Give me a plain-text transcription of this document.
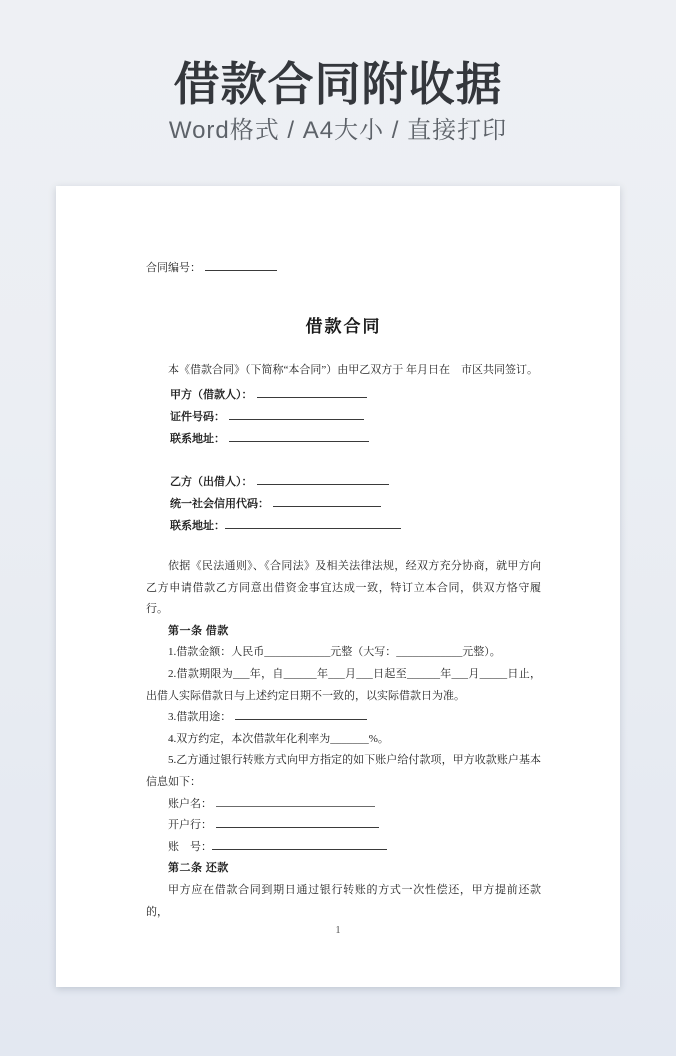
借款合同附收据

Word格式 / A4大小 / 直接打印

合同编号：
借款合同

本《借款合同》（下简称“本合同”）由甲乙双方于 年月日在　市区共同签订。

甲方（借款人）：
证件号码：
联系地址：
乙方（出借人）：
统一社会信用代码：
联系地址：

依据《民法通则》、《合同法》及相关法律法规，经双方充分协商，就甲方向乙方申请借款乙方同意出借资金事宜达成一致，特订立本合同，供双方恪守履行。

第一条 借款

1.借款金额：人民币____________元整（大写：____________元整）。

2.借款期限为___年，自______年___月___日起至______年___月_____日止，出借人实际借款日与上述约定日期不一致的，以实际借款日为准。

3.借款用途：

4.双方约定，本次借款年化利率为_______%。

5.乙方通过银行转账方式向甲方指定的如下账户给付款项，甲方收款账户基本信息如下：

账户名：
开户行：
账　号：

第二条 还款

甲方应在借款合同到期日通过银行转账的方式一次性偿还，甲方提前还款的，

1
